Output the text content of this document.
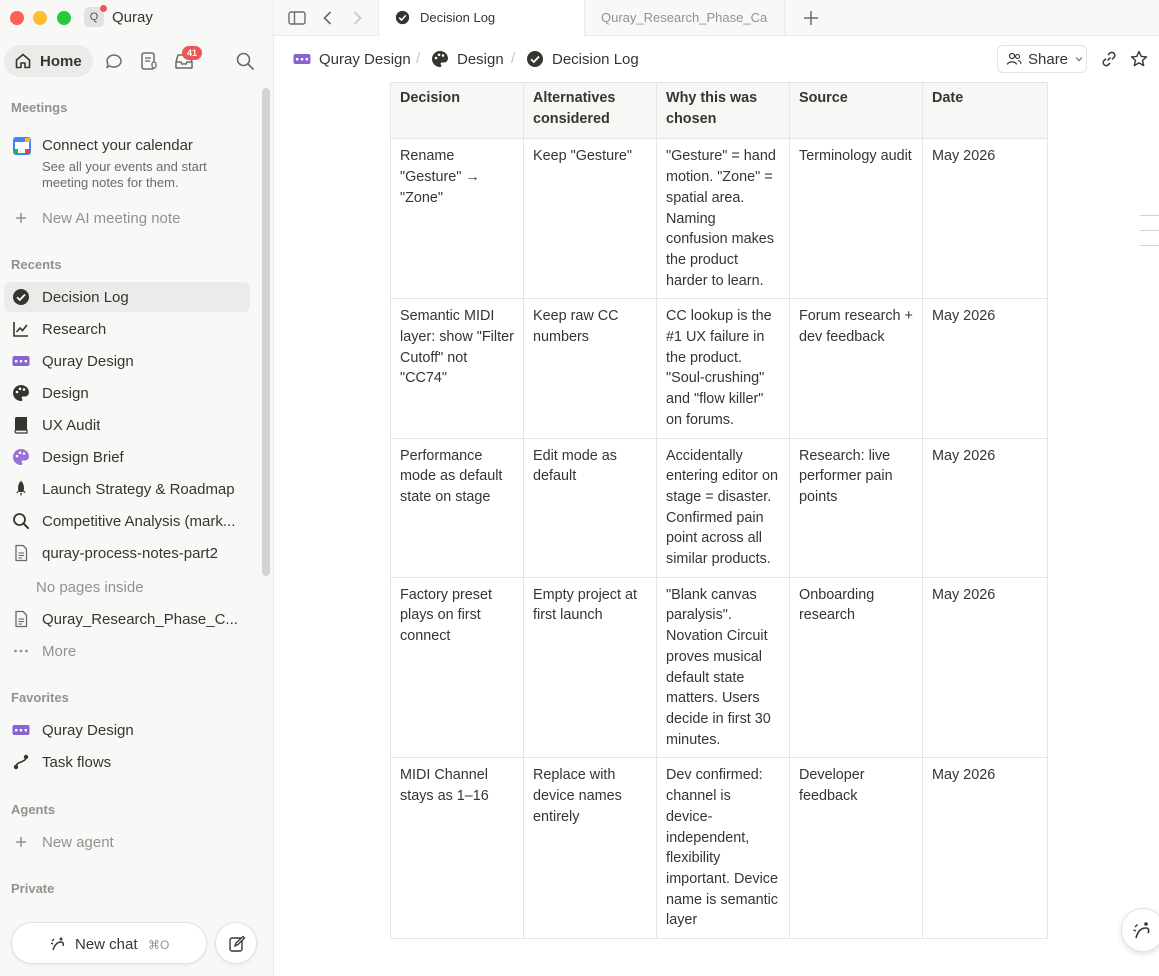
Q Quray
Home	41
Meetings
Connect your calendar
See all your events and start meeting notes for them.
New AI meeting note
Recents
Decision Log
Research
Quray Design
Design
UX Audit
Design Brief
Launch Strategy & Roadmap
Competitive Analysis (mark...
quray-process-notes-part2
No pages inside
Quray_Research_Phase_C...
More
Favorites
Quray Design
Task flows
Agents
New agent
Private
New chat ⌘O
Decision Log	Quray_Research_Phase_Ca
Quray Design / Design / Decision Log	Share
Decision	Alternatives considered	Why this was chosen	Source	Date
Rename "Gesture" → "Zone"	Keep "Gesture"	"Gesture" = hand motion. "Zone" = spatial area. Naming confusion makes the product harder to learn.	Terminology audit	May 2026
Semantic MIDI layer: show "Filter Cutoff" not "CC74"	Keep raw CC numbers	CC lookup is the #1 UX failure in the product. "Soul-crushing" and "flow killer" on forums.	Forum research + dev feedback	May 2026
Performance mode as default state on stage	Edit mode as default	Accidentally entering editor on stage = disaster. Confirmed pain point across all similar products.	Research: live performer pain points	May 2026
Factory preset plays on first connect	Empty project at first launch	"Blank canvas paralysis". Novation Circuit proves musical default state matters. Users decide in first 30 minutes.	Onboarding research	May 2026
MIDI Channel stays as 1–16	Replace with device names entirely	Dev confirmed: channel is device-independent, flexibility important. Device name is semantic layer	Developer feedback	May 2026
